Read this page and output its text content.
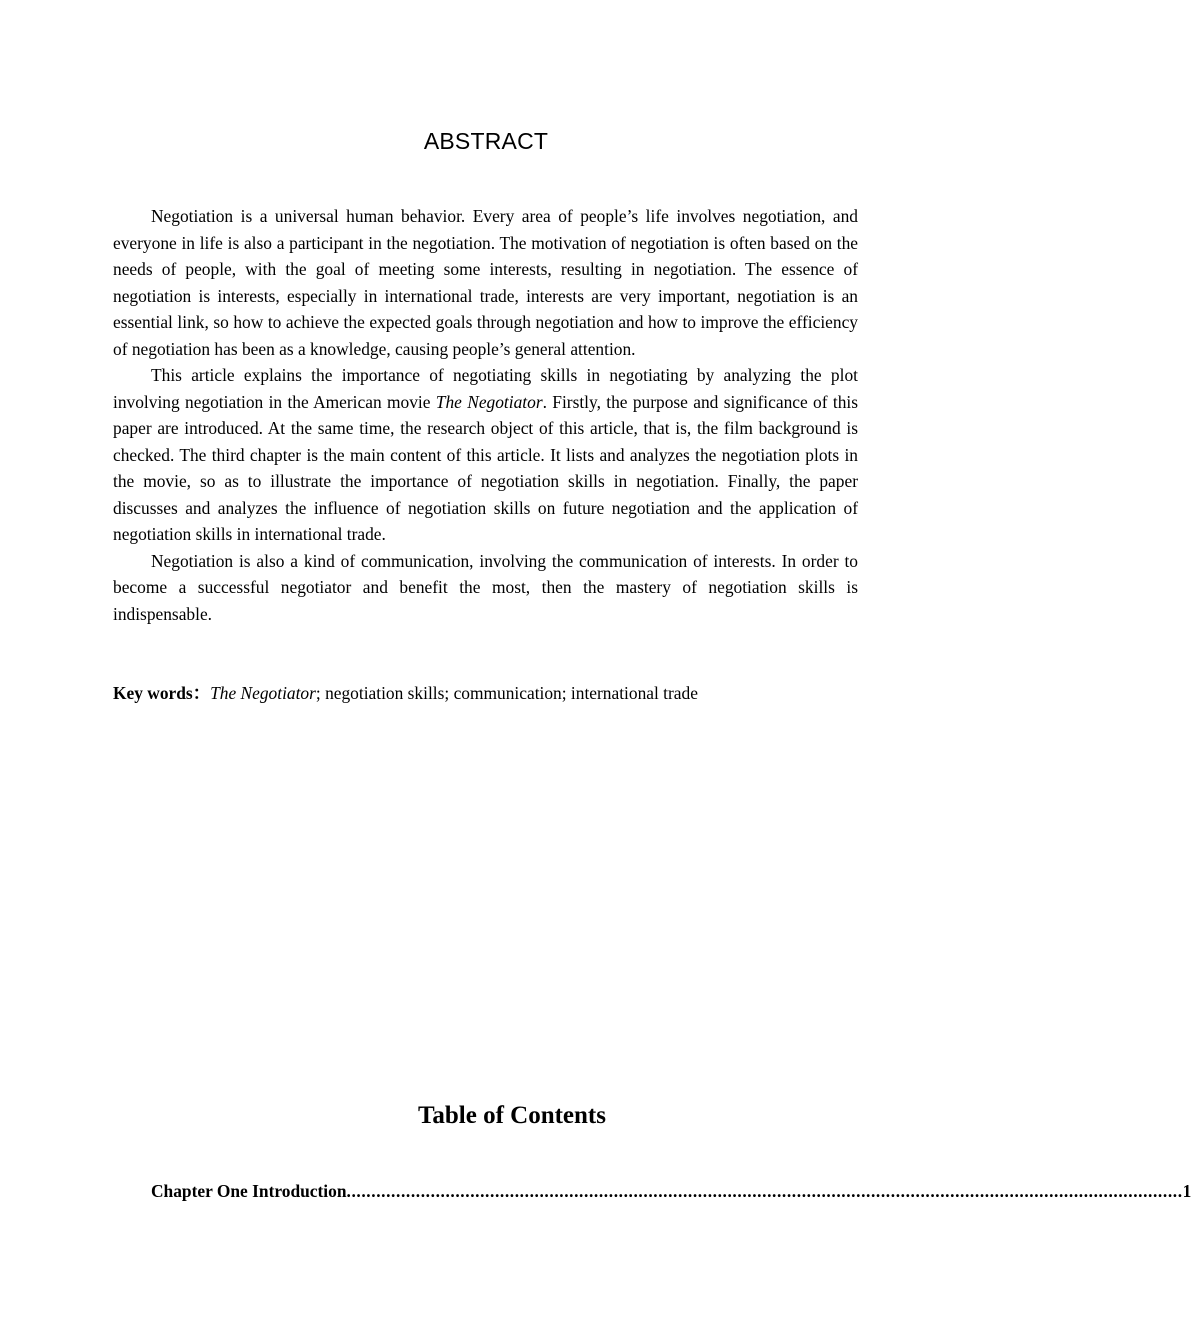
ABSTRACT

Negotiation is a universal human behavior. Every area of people’s life involves negotiation, and everyone in life is also a participant in the negotiation. The motivation of negotiation is often based on the needs of people, with the goal of meeting some interests, resulting in negotiation. The essence of negotiation is interests, especially in international trade, interests are very important, negotiation is an essential link, so how to achieve the expected goals through negotiation and how to improve the efficiency of negotiation has been as a knowledge, causing people’s general attention.

This article explains the importance of negotiating skills in negotiating by analyzing the plot involving negotiation in the American movie The Negotiator. Firstly, the purpose and significance of this paper are introduced. At the same time, the research object of this article, that is, the film background is checked. The third chapter is the main content of this article. It lists and analyzes the negotiation plots in the movie, so as to illustrate the importance of negotiation skills in negotiation. Finally, the paper discusses and analyzes the influence of negotiation skills on future negotiation and the application of negotiation skills in international trade.

Negotiation is also a kind of communication, involving the communication of interests. In order to become a successful negotiator and benefit the most, then the mastery of negotiation skills is indispensable.

Key words：The Negotiator; negotiation skills; communication; international trade

Table of Contents
Chapter One Introduction ......................................................................................................................................................................... 1
